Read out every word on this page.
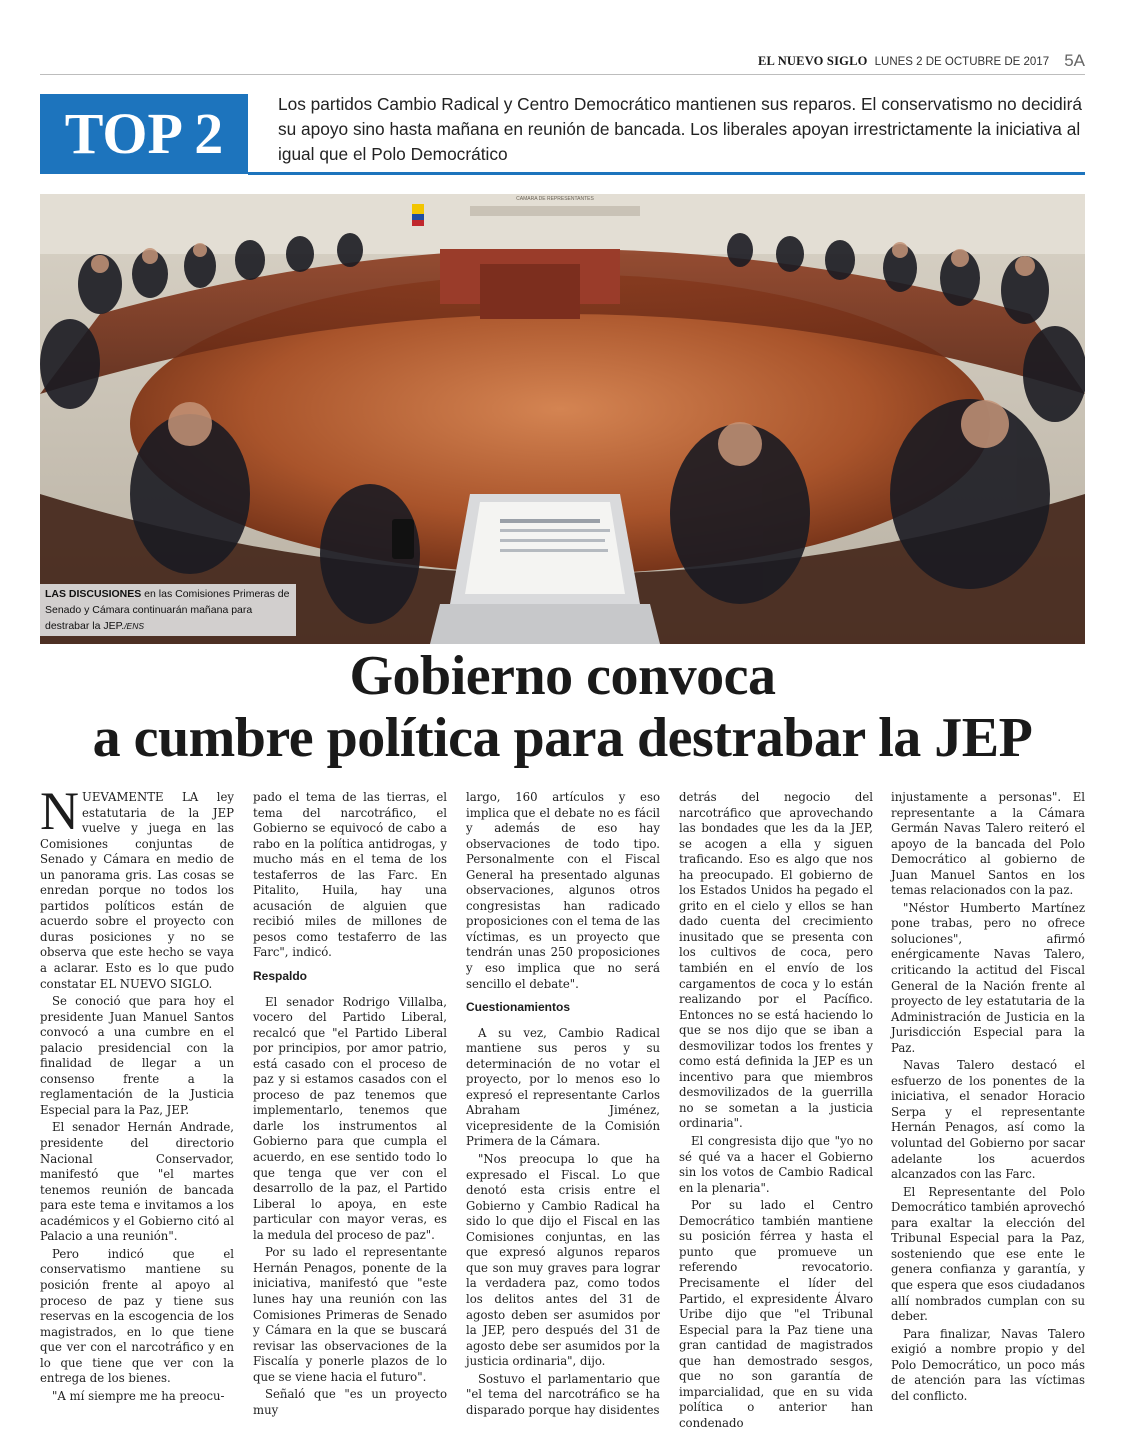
EL NUEVO SIGLO LUNES 2 DE OCTUBRE DE 2017 5A
TOP 2	Los partidos Cambio Radical y Centro Democrático mantienen sus reparos. El conservatismo no decidirá su apoyo sino hasta mañana en reunión de bancada. Los liberales apoyan irrestrictamente la iniciativa al igual que el Polo Democrático
CAMARA DE REPRESENTANTES
LAS DISCUSIONES en las Comisiones Primeras de Senado y Cámara continuarán mañana para destrabar la JEP./ENS
Gobierno convoca
a cumbre política para destrabar la JEP

NUEVAMENTE LA ley estatutaria de la JEP vuelve y juega en las Comisiones conjuntas de Senado y Cámara en medio de un panorama gris. Las cosas se enredan porque no todos los partidos políticos están de acuerdo sobre el proyecto con duras posiciones y no se observa que este hecho se vaya a aclarar. Esto es lo que pudo constatar EL NUEVO SIGLO.

Se conoció que para hoy el presidente Juan Manuel Santos convocó a una cumbre en el palacio presidencial con la finalidad de llegar a un consenso frente a la reglamentación de la Justicia Especial para la Paz, JEP.

El senador Hernán Andrade, presidente del directorio Nacional Conservador, manifestó que "el martes tenemos reunión de bancada para este tema e invitamos a los académicos y el Gobierno citó al Palacio a una reunión".

Pero indicó que el conservatismo mantiene su posición frente al apoyo al proceso de paz y tiene sus reservas en la escogencia de los magistrados, en lo que tiene que ver con el narcotráfico y en lo que tiene que ver con la entrega de los bienes.

"A mí siempre me ha preocu-

pado el tema de las tierras, el tema del narcotráfico, el Gobierno se equivocó de cabo a rabo en la política antidrogas, y mucho más en el tema de los testaferros de las Farc. En Pitalito, Huila, hay una acusación de alguien que recibió miles de millones de pesos como testaferro de las Farc", indicó.

Respaldo

El senador Rodrigo Villalba, vocero del Partido Liberal, recalcó que "el Partido Liberal por principios, por amor patrio, está casado con el proceso de paz y si estamos casados con el proceso de paz tenemos que implementarlo, tenemos que darle los instrumentos al Gobierno para que cumpla el acuerdo, en ese sentido todo lo que tenga que ver con el desarrollo de la paz, el Partido Liberal lo apoya, en este particular con mayor veras, es la medula del proceso de paz".

Por su lado el representante Hernán Penagos, ponente de la iniciativa, manifestó que "este lunes hay una reunión con las Comisiones Primeras de Senado y Cámara en la que se buscará revisar las observaciones de la Fiscalía y ponerle plazos de lo que se viene hacia el futuro".

Señaló que "es un proyecto muy

largo, 160 artículos y eso implica que el debate no es fácil y además de eso hay observaciones de todo tipo. Personalmente con el Fiscal General ha presentado algunas observaciones, algunos otros congresistas han radicado proposiciones con el tema de las víctimas, es un proyecto que tendrán unas 250 proposiciones y eso implica que no será sencillo el debate".

Cuestionamientos

A su vez, Cambio Radical mantiene sus peros y su determinación de no votar el proyecto, por lo menos eso lo expresó el representante Carlos Abraham Jiménez, vicepresidente de la Comisión Primera de la Cámara.

"Nos preocupa lo que ha expresado el Fiscal. Lo que denotó esta crisis entre el Gobierno y Cambio Radical ha sido lo que dijo el Fiscal en las Comisiones conjuntas, en las que expresó algunos reparos que son muy graves para lograr la verdadera paz, como todos los delitos antes del 31 de agosto deben ser asumidos por la JEP, pero después del 31 de agosto debe ser asumidos por la justicia ordinaria", dijo.

Sostuvo el parlamentario que "el tema del narcotráfico se ha disparado porque hay disidentes

detrás del negocio del narcotráfico que aprovechando las bondades que les da la JEP, se acogen a ella y siguen traficando. Eso es algo que nos ha preocupado. El gobierno de los Estados Unidos ha pegado el grito en el cielo y ellos se han dado cuenta del crecimiento inusitado que se presenta con los cultivos de coca, pero también en el envío de los cargamentos de coca y lo están realizando por el Pacífico. Entonces no se está haciendo lo que se nos dijo que se iban a desmovilizar todos los frentes y como está definida la JEP es un incentivo para que miembros desmovilizados de la guerrilla no se sometan a la justicia ordinaria".

El congresista dijo que "yo no sé qué va a hacer el Gobierno sin los votos de Cambio Radical en la plenaria".

Por su lado el Centro Democrático también mantiene su posición férrea y hasta el punto que promueve un referendo revocatorio. Precisamente el líder del Partido, el expresidente Álvaro Uribe dijo que "el Tribunal Especial para la Paz tiene una gran cantidad de magistrados que han demostrado sesgos, que no son garantía de imparcialidad, que en su vida política o anterior han condenado

injustamente a personas". El representante a la Cámara Germán Navas Talero reiteró el apoyo de la bancada del Polo Democrático al gobierno de Juan Manuel Santos en los temas relacionados con la paz.

"Néstor Humberto Martínez pone trabas, pero no ofrece soluciones", afirmó enérgicamente Navas Talero, criticando la actitud del Fiscal General de la Nación frente al proyecto de ley estatutaria de la Administración de Justicia en la Jurisdicción Especial para la Paz.

Navas Talero destacó el esfuerzo de los ponentes de la iniciativa, el senador Horacio Serpa y el representante Hernán Penagos, así como la voluntad del Gobierno por sacar adelante los acuerdos alcanzados con las Farc.

El Representante del Polo Democrático también aprovechó para exaltar la elección del Tribunal Especial para la Paz, sosteniendo que ese ente le genera confianza y garantía, y que espera que esos ciudadanos allí nombrados cumplan con su deber.

Para finalizar, Navas Talero exigió a nombre propio y del Polo Democrático, un poco más de atención para las víctimas del conflicto.
